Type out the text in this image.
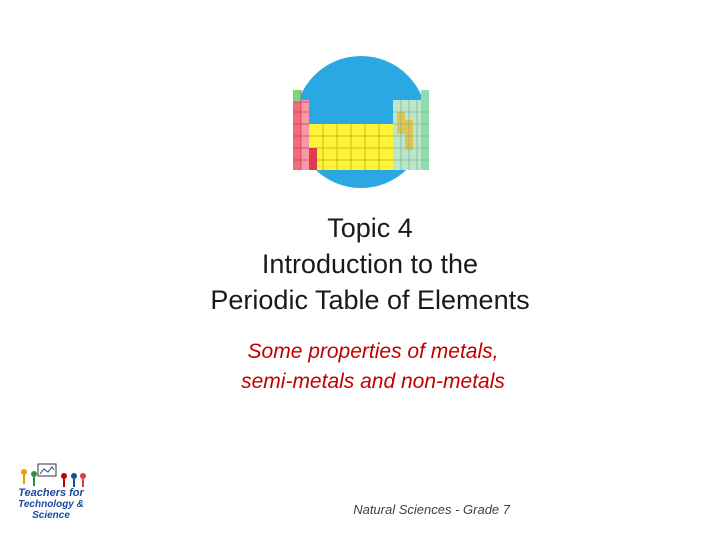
Topic 4
Introduction to the
Periodic Table of Elements
Some properties of metals,
semi-metals and non-metals
Teachers for
Technology & Science	Natural Sciences - Grade 7
